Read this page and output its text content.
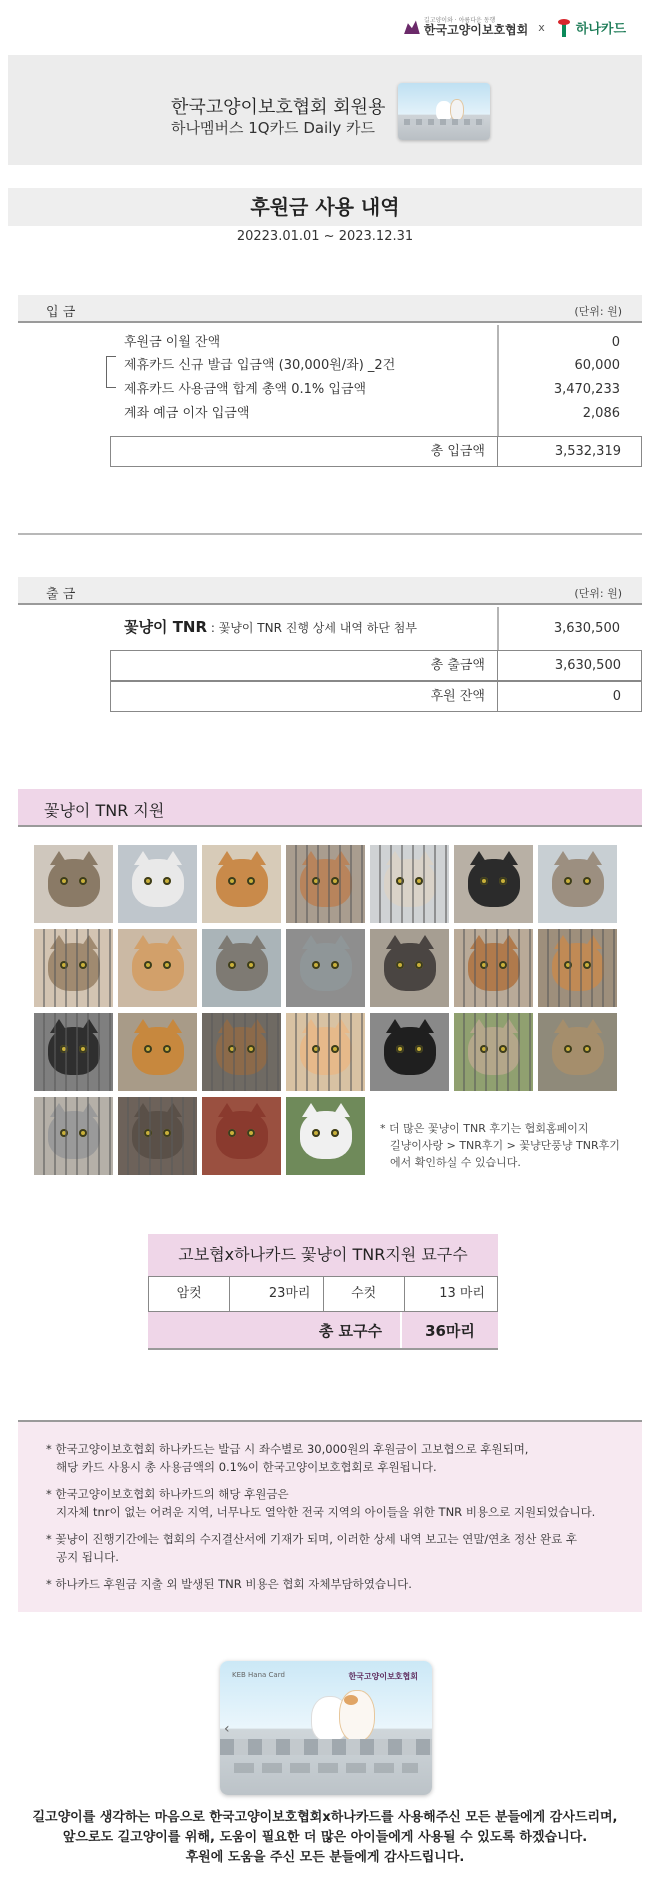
길고양이와 · 아름다운 동행
한국고양이보호협회 x 하나카드
한국고양이보호협회 회원용
하나멤버스 1Q카드 Daily 카드
후원금 사용 내역
20223.01.01 ~ 2023.12.31
입 금	(단위: 원)
후원금 이월 잔액	0
제휴카드 신규 발급 입금액 (30,000원/좌) _2건	60,000
제휴카드 사용금액 합계 총액 0.1% 입금액	3,470,233
계좌 예금 이자 입금액	2,086
총 입금액	3,532,319
출 금	(단위: 원)
꽃냥이 TNR : 꽃냥이 TNR 진행 상세 내역 하단 첨부	3,630,500
총 출금액	3,630,500
후원 잔액	0
꽃냥이 TNR 지원
* 더 많은 꽃냥이 TNR 후기는 협회홈페이지
길냥이사랑 > TNR후기 > 꽃냥단풍냥 TNR후기
에서 확인하실 수 있습니다.
고보협x하나카드 꽃냥이 TNR지원 묘구수
암컷	23마리	수컷	13 마리
총 묘구수	36마리

* 한국고양이보호협회 하나카드는 발급 시 좌수별로 30,000원의 후원금이 고보협으로 후원되며,
해당 카드 사용시 총 사용금액의 0.1%이 한국고양이보호협회로 후원됩니다.

* 한국고양이보호협회 하나카드의 해당 후원금은
지자체 tnr이 없는 어려운 지역, 너무나도 열악한 전국 지역의 아이들을 위한 TNR 비용으로 지원되었습니다.

* 꽃냥이 진행기간에는 협회의 수지결산서에 기재가 되며, 이러한 상세 내역 보고는 연말/연초 정산 완료 후
공지 됩니다.

* 하나카드 후원금 지출 외 발생된 TNR 비용은 협회 자체부담하였습니다.

KEB Hana Card	한국고양이보호협회
‹
길고양이를 생각하는 마음으로 한국고양이보호협회x하나카드를 사용해주신 모든 분들에게 감사드리며,
앞으로도 길고양이를 위해, 도움이 필요한 더 많은 아이들에게 사용될 수 있도록 하겠습니다.
후원에 도움을 주신 모든 분들에게 감사드립니다.
